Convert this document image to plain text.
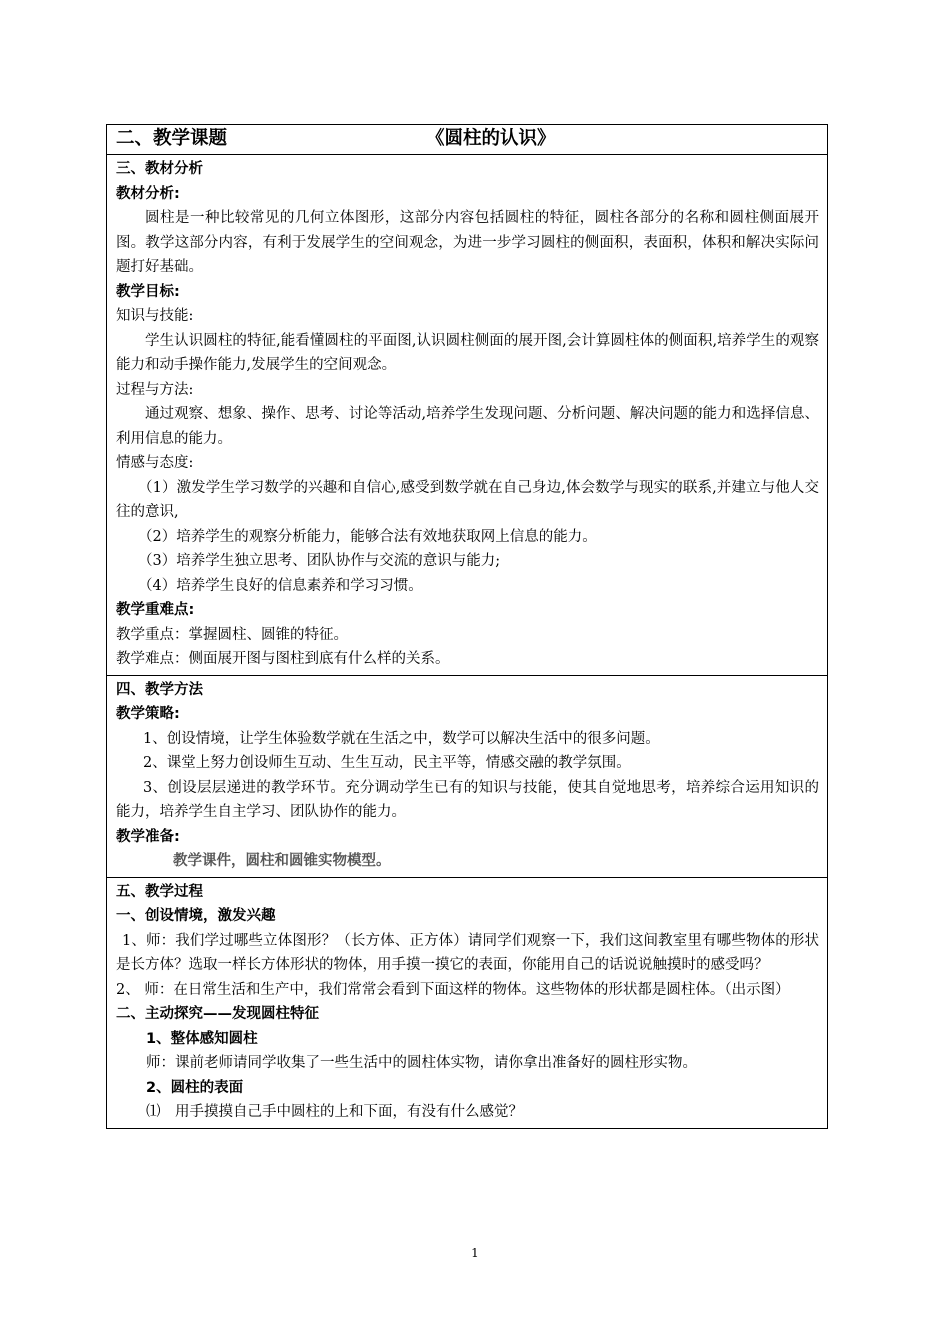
二、教学课题	《圆柱的认识》

三、教材分析
教材分析:
圆柱是一种比较常见的几何立体图形，这部分内容包括圆柱的特征，圆柱各部分的名称和圆柱侧面展开图。教学这部分内容，有利于发展学生的空间观念，为进一步学习圆柱的侧面积，表面积，体积和解决实际问题打好基础。
教学目标:
知识与技能:
学生认识圆柱的特征,能看懂圆柱的平面图,认识圆柱侧面的展开图,会计算圆柱体的侧面积,培养学生的观察能力和动手操作能力,发展学生的空间观念。
过程与方法:
通过观察、想象、操作、思考、讨论等活动,培养学生发现问题、分析问题、解决问题的能力和选择信息、利用信息的能力。
情感与态度:
（1）激发学生学习数学的兴趣和自信心,感受到数学就在自己身边,体会数学与现实的联系,并建立与他人交往的意识,
（2）培养学生的观察分析能力，能够合法有效地获取网上信息的能力。
（3）培养学生独立思考、团队协作与交流的意识与能力;
（4）培养学生良好的信息素养和学习习惯。
教学重难点:
教学重点：掌握圆柱、圆锥的特征。
教学难点：侧面展开图与图柱到底有什么样的关系。

四、教学方法
教学策略:
1、创设情境，让学生体验数学就在生活之中，数学可以解决生活中的很多问题。
2、课堂上努力创设师生互动、生生互动，民主平等，情感交融的教学氛围。
3、创设层层递进的教学环节。充分调动学生已有的知识与技能，使其自觉地思考，培养综合运用知识的能力，培养学生自主学习、团队协作的能力。
教学准备:
教学课件，圆柱和圆锥实物模型。

五、教学过程
一、创设情境，激发兴趣
1、师：我们学过哪些立体图形？（长方体、正方体）请同学们观察一下，我们这间教室里有哪些物体的形状是长方体？选取一样长方体形状的物体，用手摸一摸它的表面，你能用自己的话说说触摸时的感受吗？
2、 师：在日常生活和生产中，我们常常会看到下面这样的物体。这些物体的形状都是圆柱体。（出示图）
二、主动探究——发现圆柱特征
1、整体感知圆柱
师：课前老师请同学收集了一些生活中的圆柱体实物，请你拿出准备好的圆柱形实物。
2、圆柱的表面
⑴　用手摸摸自己手中圆柱的上和下面，有没有什么感觉？
1
